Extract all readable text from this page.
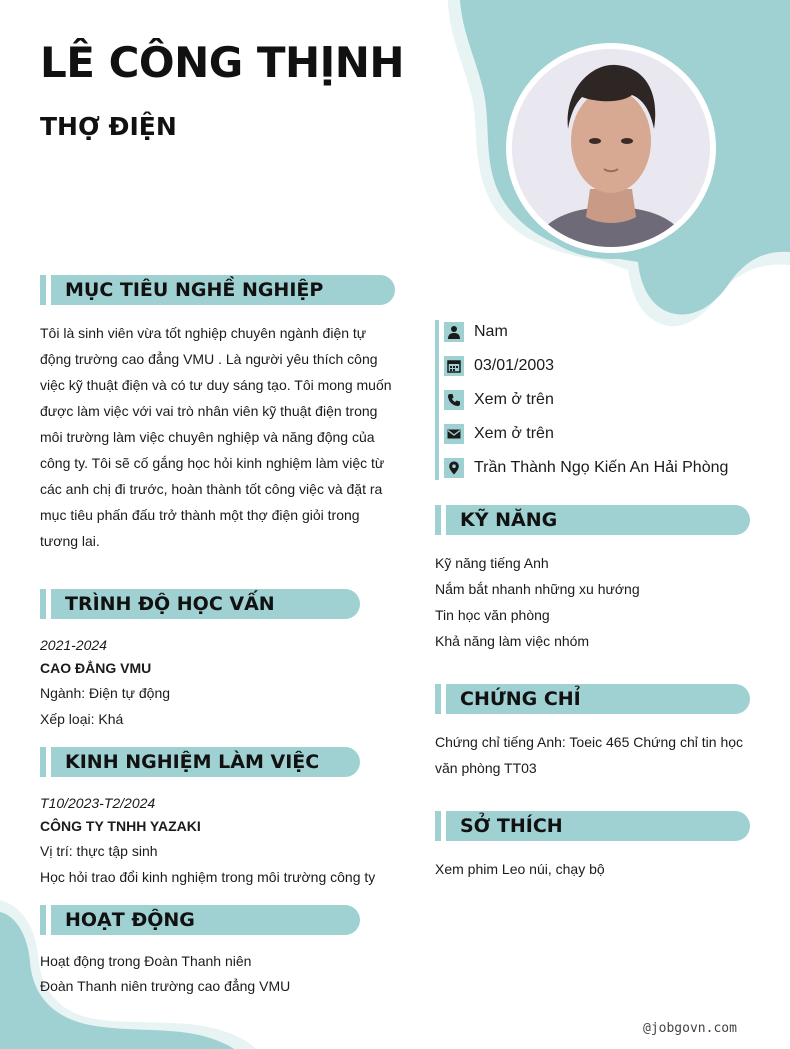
LÊ CÔNG THỊNH
THỢ ĐIỆN
MỤC TIÊU NGHỀ NGHIỆP
Tôi là sinh viên vừa tốt nghiệp chuyên ngành điện tự
động trường cao đẳng VMU . Là người yêu thích công
việc kỹ thuật điện và có tư duy sáng tạo. Tôi mong muốn
được làm việc với vai trò nhân viên kỹ thuật điện trong
môi trường làm việc chuyên nghiệp và năng động của
công ty. Tôi sẽ cố gắng học hỏi kinh nghiệm làm việc từ
các anh chị đi trước, hoàn thành tốt công việc và đặt ra
mục tiêu phấn đấu trở thành một thợ điện giỏi trong
tương lai.
TRÌNH ĐỘ HỌC VẤN
2021-2024
CAO ĐẲNG VMU
Ngành: Điện tự động
Xếp loại: Khá
KINH NGHIỆM LÀM VIỆC
T10/2023-T2/2024
CÔNG TY TNHH YAZAKI
Vị trí: thực tập sinh
Học hỏi trao đổi kinh nghiệm trong môi trường công ty
HOẠT ĐỘNG
Hoạt động trong Đoàn Thanh niên
Đoàn Thanh niên trường cao đẳng VMU
Nam
03/01/2003
Xem ở trên
Xem ở trên
Trần Thành Ngọ Kiến An Hải Phòng
KỸ NĂNG
Kỹ năng tiếng Anh
Nắm bắt nhanh những xu hướng
Tin học văn phòng
Khả năng làm việc nhóm
CHỨNG CHỈ
Chứng chỉ tiếng Anh: Toeic 465 Chứng chỉ tin học
văn phòng TT03
SỞ THÍCH
Xem phim Leo núi, chạy bộ
@jobgovn.com
